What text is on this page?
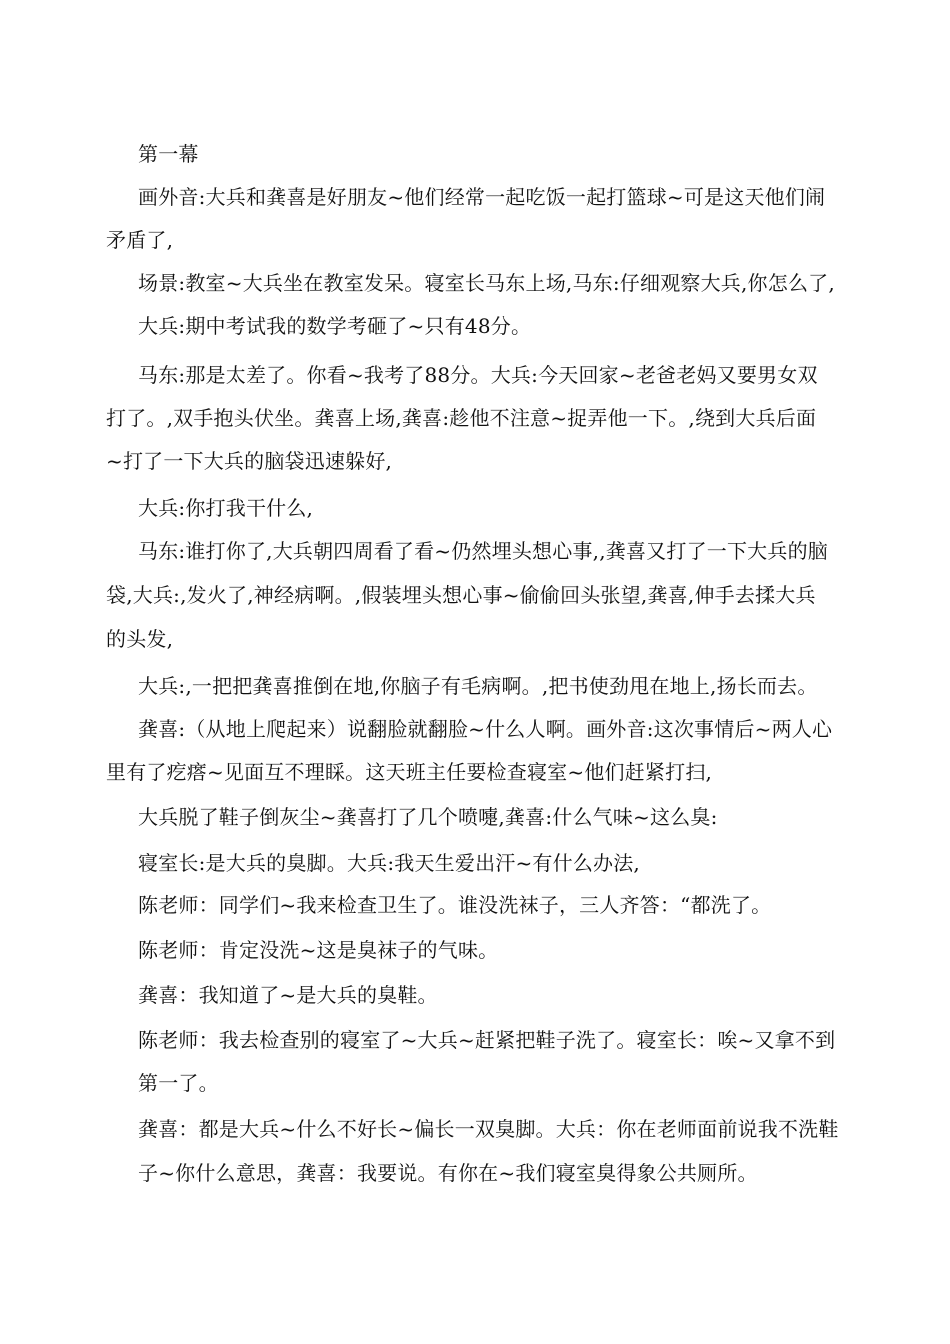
第一幕

画外音:大兵和龚喜是好朋友~他们经常一起吃饭一起打篮球~可是这天他们闹

矛盾了,

场景:教室~大兵坐在教室发呆。寝室长马东上场,马东:仔细观察大兵,你怎么了,

大兵:期中考试我的数学考砸了~只有48分。

马东:那是太差了。你看~我考了88分。大兵:今天回家~老爸老妈又要男女双

打了。,双手抱头伏坐。龚喜上场,龚喜:趁他不注意~捉弄他一下。,绕到大兵后面

~打了一下大兵的脑袋迅速躲好,

大兵:你打我干什么,

马东:谁打你了,大兵朝四周看了看~仍然埋头想心事,,龚喜又打了一下大兵的脑

袋,大兵:,发火了,神经病啊。,假装埋头想心事~偷偷回头张望,龚喜,伸手去揉大兵

的头发,

大兵:,一把把龚喜推倒在地,你脑子有毛病啊。,把书使劲甩在地上,扬长而去。

龚喜:（从地上爬起来）说翻脸就翻脸~什么人啊。画外音:这次事情后~两人心

里有了疙瘩~见面互不理睬。这天班主任要检查寝室~他们赶紧打扫,

大兵脱了鞋子倒灰尘~龚喜打了几个喷嚏,龚喜:什么气味~这么臭:

寝室长:是大兵的臭脚。大兵:我天生爱出汗~有什么办法,

陈老师：同学们~我来检查卫生了。谁没洗袜子，三人齐答：“都洗了。

陈老师：肯定没洗~这是臭袜子的气味。

龚喜：我知道了~是大兵的臭鞋。

陈老师：我去检查别的寝室了~大兵~赶紧把鞋子洗了。寝室长：唉~又拿不到

第一了。

龚喜：都是大兵~什么不好长~偏长一双臭脚。大兵：你在老师面前说我不洗鞋

子~你什么意思，龚喜：我要说。有你在~我们寝室臭得象公共厕所。
